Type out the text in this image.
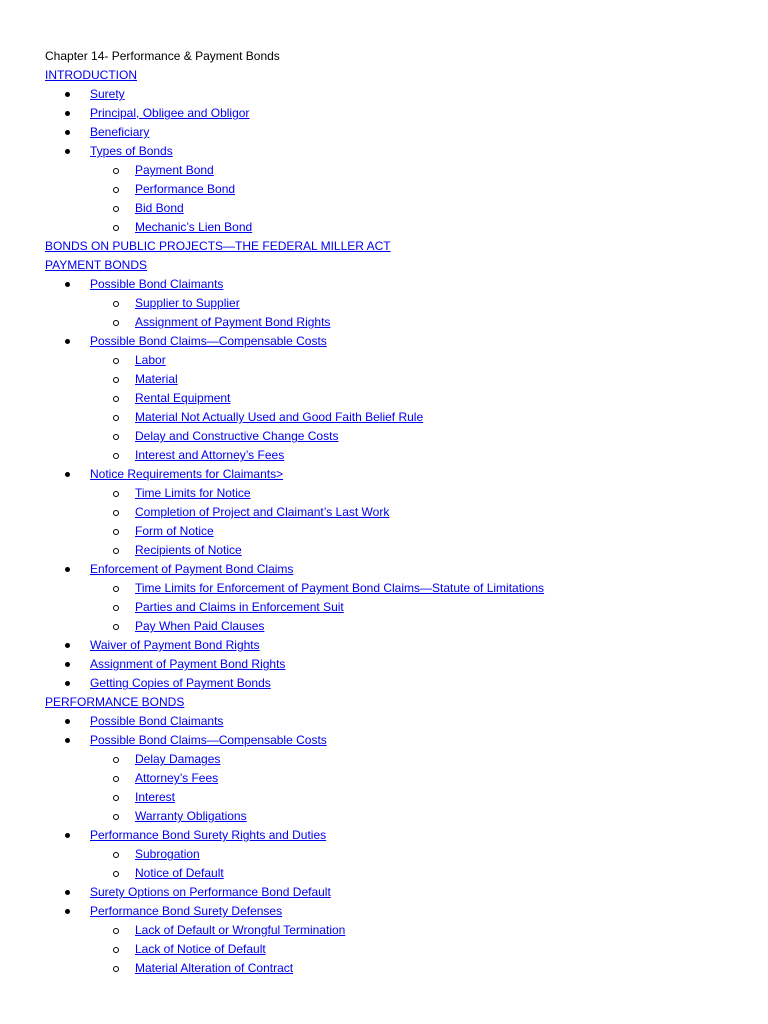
Chapter 14- Performance & Payment Bonds
INTRODUCTION
Surety
Principal, Obligee and Obligor
Beneficiary
Types of Bonds
Payment Bond
Performance Bond
Bid Bond
Mechanic’s Lien Bond
BONDS ON PUBLIC PROJECTS—THE FEDERAL MILLER ACT
PAYMENT BONDS
Possible Bond Claimants
Supplier to Supplier
Assignment of Payment Bond Rights
Possible Bond Claims—Compensable Costs
Labor
Material
Rental Equipment
Material Not Actually Used and Good Faith Belief Rule
Delay and Constructive Change Costs
Interest and Attorney’s Fees
Notice Requirements for Claimants>
Time Limits for Notice
Completion of Project and Claimant’s Last Work
Form of Notice
Recipients of Notice
Enforcement of Payment Bond Claims
Time Limits for Enforcement of Payment Bond Claims—Statute of Limitations
Parties and Claims in Enforcement Suit
Pay When Paid Clauses
Waiver of Payment Bond Rights
Assignment of Payment Bond Rights
Getting Copies of Payment Bonds
PERFORMANCE BONDS
Possible Bond Claimants
Possible Bond Claims—Compensable Costs
Delay Damages
Attorney’s Fees
Interest
Warranty Obligations
Performance Bond Surety Rights and Duties
Subrogation
Notice of Default
Surety Options on Performance Bond Default
Performance Bond Surety Defenses
Lack of Default or Wrongful Termination
Lack of Notice of Default
Material Alteration of Contract
